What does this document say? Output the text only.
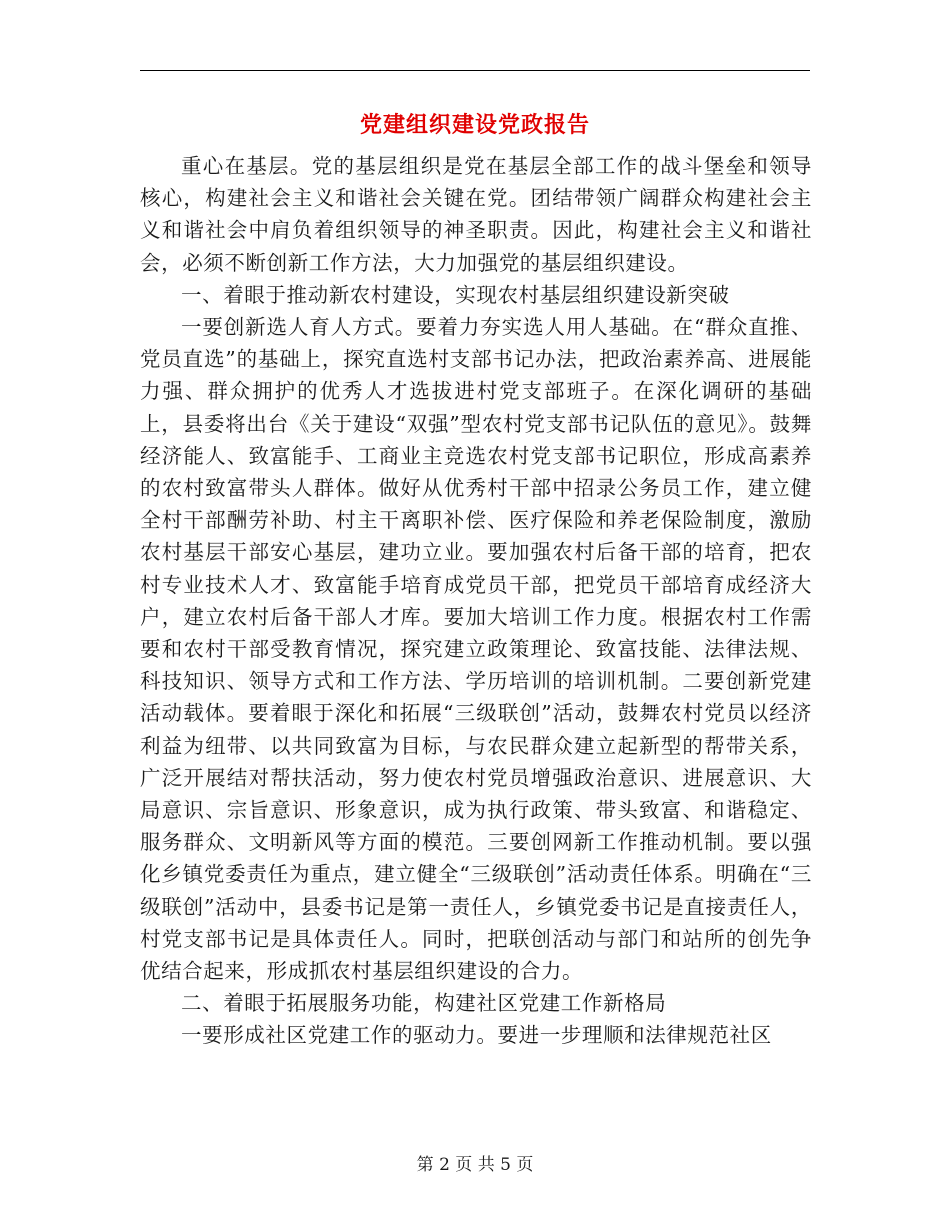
党建组织建设党政报告

重心在基层。党的基层组织是党在基层全部工作的战斗堡垒和领导核心，构建社会主义和谐社会关键在党。团结带领广阔群众构建社会主义和谐社会中肩负着组织领导的神圣职责。因此，构建社会主义和谐社会，必须不断创新工作方法，大力加强党的基层组织建设。

一、着眼于推动新农村建设，实现农村基层组织建设新突破

一要创新选人育人方式。要着力夯实选人用人基础。在“群众直推、党员直选”的基础上，探究直选村支部书记办法，把政治素养高、进展能力强、群众拥护的优秀人才选拔进村党支部班子。在深化调研的基础上，县委将出台《关于建设“双强”型农村党支部书记队伍的意见》。鼓舞经济能人、致富能手、工商业主竞选农村党支部书记职位，形成高素养的农村致富带头人群体。做好从优秀村干部中招录公务员工作，建立健全村干部酬劳补助、村主干离职补偿、医疗保险和养老保险制度，激励农村基层干部安心基层，建功立业。要加强农村后备干部的培育，把农村专业技术人才、致富能手培育成党员干部，把党员干部培育成经济大户，建立农村后备干部人才库。要加大培训工作力度。根据农村工作需要和农村干部受教育情况，探究建立政策理论、致富技能、法律法规、科技知识、领导方式和工作方法、学历培训的培训机制。二要创新党建活动载体。要着眼于深化和拓展“三级联创”活动，鼓舞农村党员以经济利益为纽带、以共同致富为目标，与农民群众建立起新型的帮带关系，广泛开展结对帮扶活动，努力使农村党员增强政治意识、进展意识、大局意识、宗旨意识、形象意识，成为执行政策、带头致富、和谐稳定、服务群众、文明新风等方面的模范。三要创网新工作推动机制。要以强化乡镇党委责任为重点，建立健全“三级联创”活动责任体系。明确在“三级联创”活动中，县委书记是第一责任人，乡镇党委书记是直接责任人，村党支部书记是具体责任人。同时，把联创活动与部门和站所的创先争优结合起来，形成抓农村基层组织建设的合力。

二、着眼于拓展服务功能，构建社区党建工作新格局

一要形成社区党建工作的驱动力。要进一步理顺和法律规范社区

第 2 页 共 5 页
